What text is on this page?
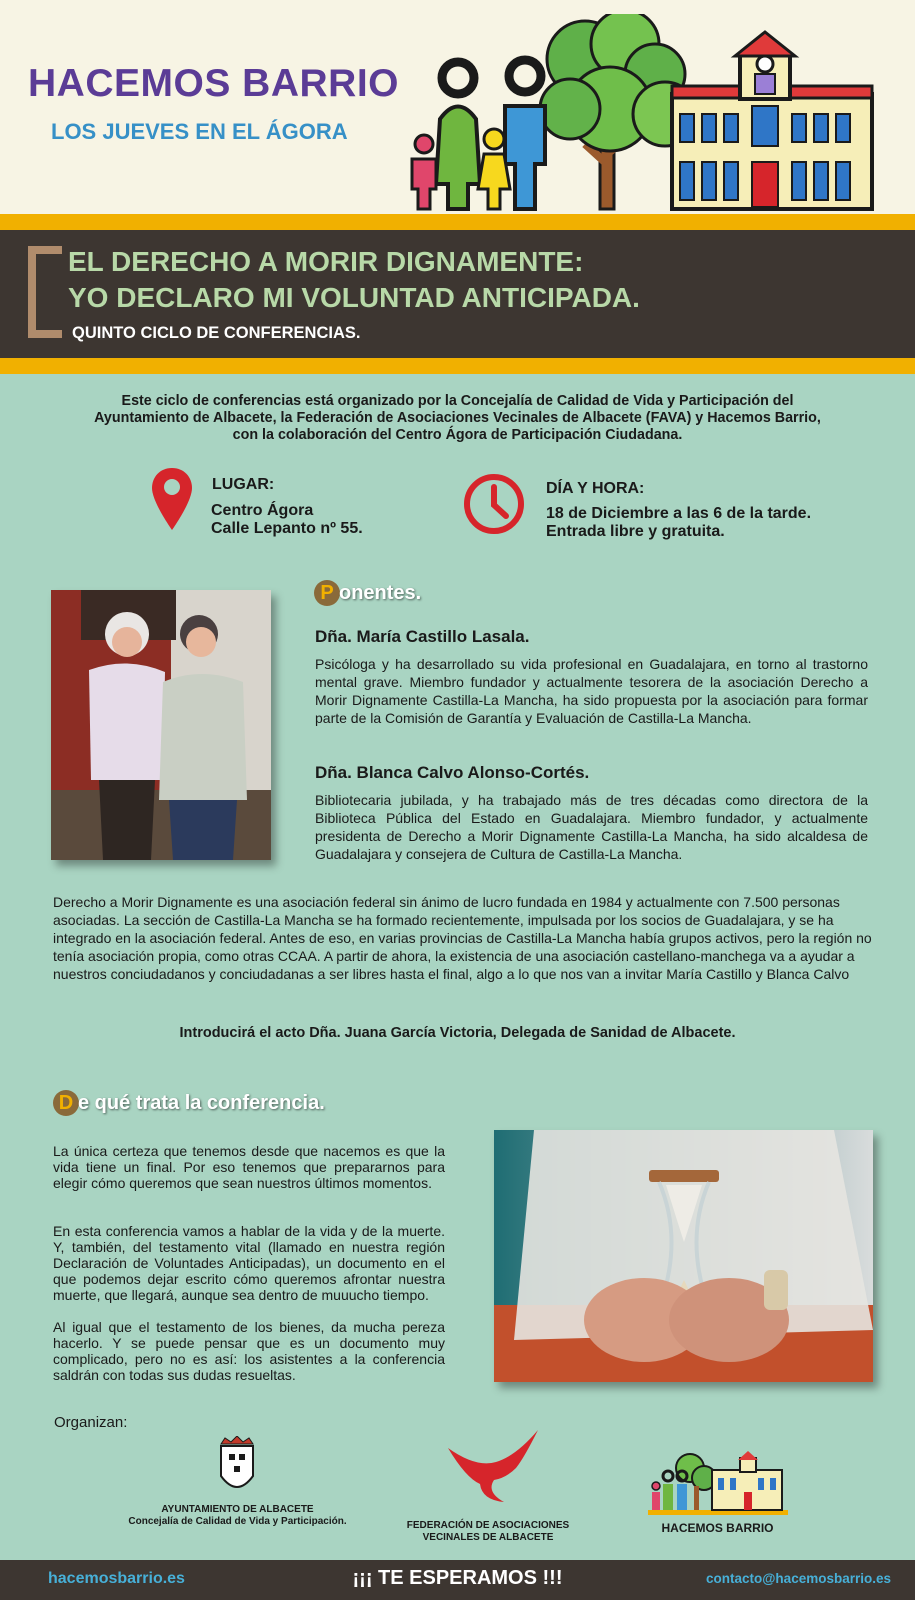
HACEMOS BARRIO
LOS JUEVES EN EL ÁGORA
EL DERECHO A MORIR DIGNAMENTE:
YO DECLARO MI VOLUNTAD ANTICIPADA.
QUINTO CICLO DE CONFERENCIAS.
Este ciclo de conferencias está organizado por la Concejalía de Calidad de Vida y Participación del
Ayuntamiento de Albacete, la Federación de Asociaciones Vecinales de Albacete (FAVA) y Hacemos Barrio,
con la colaboración del Centro Ágora de Participación Ciudadana.
LUGAR:
Centro Ágora
Calle Lepanto nº 55.
DÍA Y HORA:
18 de Diciembre a las 6 de la tarde.
Entrada libre y gratuita.
P onentes.
Dña. María Castillo Lasala.
Psicóloga y ha desarrollado su vida profesional en Guadalajara, en torno al trastorno mental grave. Miembro fundador y actualmente tesorera de la asociación Derecho a Morir Dignamente Castilla-La Mancha, ha sido propuesta por la asociación para formar parte de la Comisión de Garantía y Evaluación de Castilla-La Mancha.
Dña. Blanca Calvo Alonso-Cortés.
Bibliotecaria jubilada, y ha trabajado más de tres décadas como directora de la Biblioteca Pública del Estado en Guadalajara. Miembro fundador, y actualmente presidenta de Derecho a Morir Dignamente Castilla-La Mancha, ha sido alcaldesa de Guadalajara y consejera de Cultura de Castilla-La Mancha.
Derecho a Morir Dignamente es una asociación federal sin ánimo de lucro fundada en 1984 y actualmente con 7.500 personas asociadas. La sección de Castilla-La Mancha se ha formado recientemente, impulsada por los socios de Guadalajara, y se ha integrado en la asociación federal. Antes de eso, en varias provincias de Castilla-La Mancha había grupos activos, pero la región no tenía asociación propia, como otras CCAA. A partir de ahora, la existencia de una asociación castellano-manchega va a ayudar a nuestros conciudadanos y conciudadanas a ser libres hasta el final, algo a lo que nos van a invitar María Castillo y Blanca Calvo
Introducirá el acto Dña. Juana García Victoria, Delegada de Sanidad de Albacete.
D e qué trata la conferencia.
La única certeza que tenemos desde que nacemos es que la vida tiene un final. Por eso tenemos que prepararnos para elegir cómo queremos que sean nuestros últimos momentos.
En esta conferencia vamos a hablar de la vida y de la muerte. Y, también, del testamento vital (llamado en nuestra región Declaración de Voluntades Anticipadas), un documento en el que podemos dejar escrito cómo queremos afrontar nuestra muerte, que llegará, aunque sea dentro de muuucho tiempo.
Al igual que el testamento de los bienes, da mucha pereza hacerlo. Y se puede pensar que es un documento muy complicado, pero no es así: los asistentes a la conferencia saldrán con todas sus dudas resueltas.
Organizan:
AYUNTAMIENTO DE ALBACETE
Concejalía de Calidad de Vida y Participación.	FEDERACIÓN DE ASOCIACIONES
VECINALES DE ALBACETE
HACEMOS BARRIO
¡¡¡ TE ESPERAMOS !!!
hacemosbarrio.es	contacto@hacemosbarrio.es
